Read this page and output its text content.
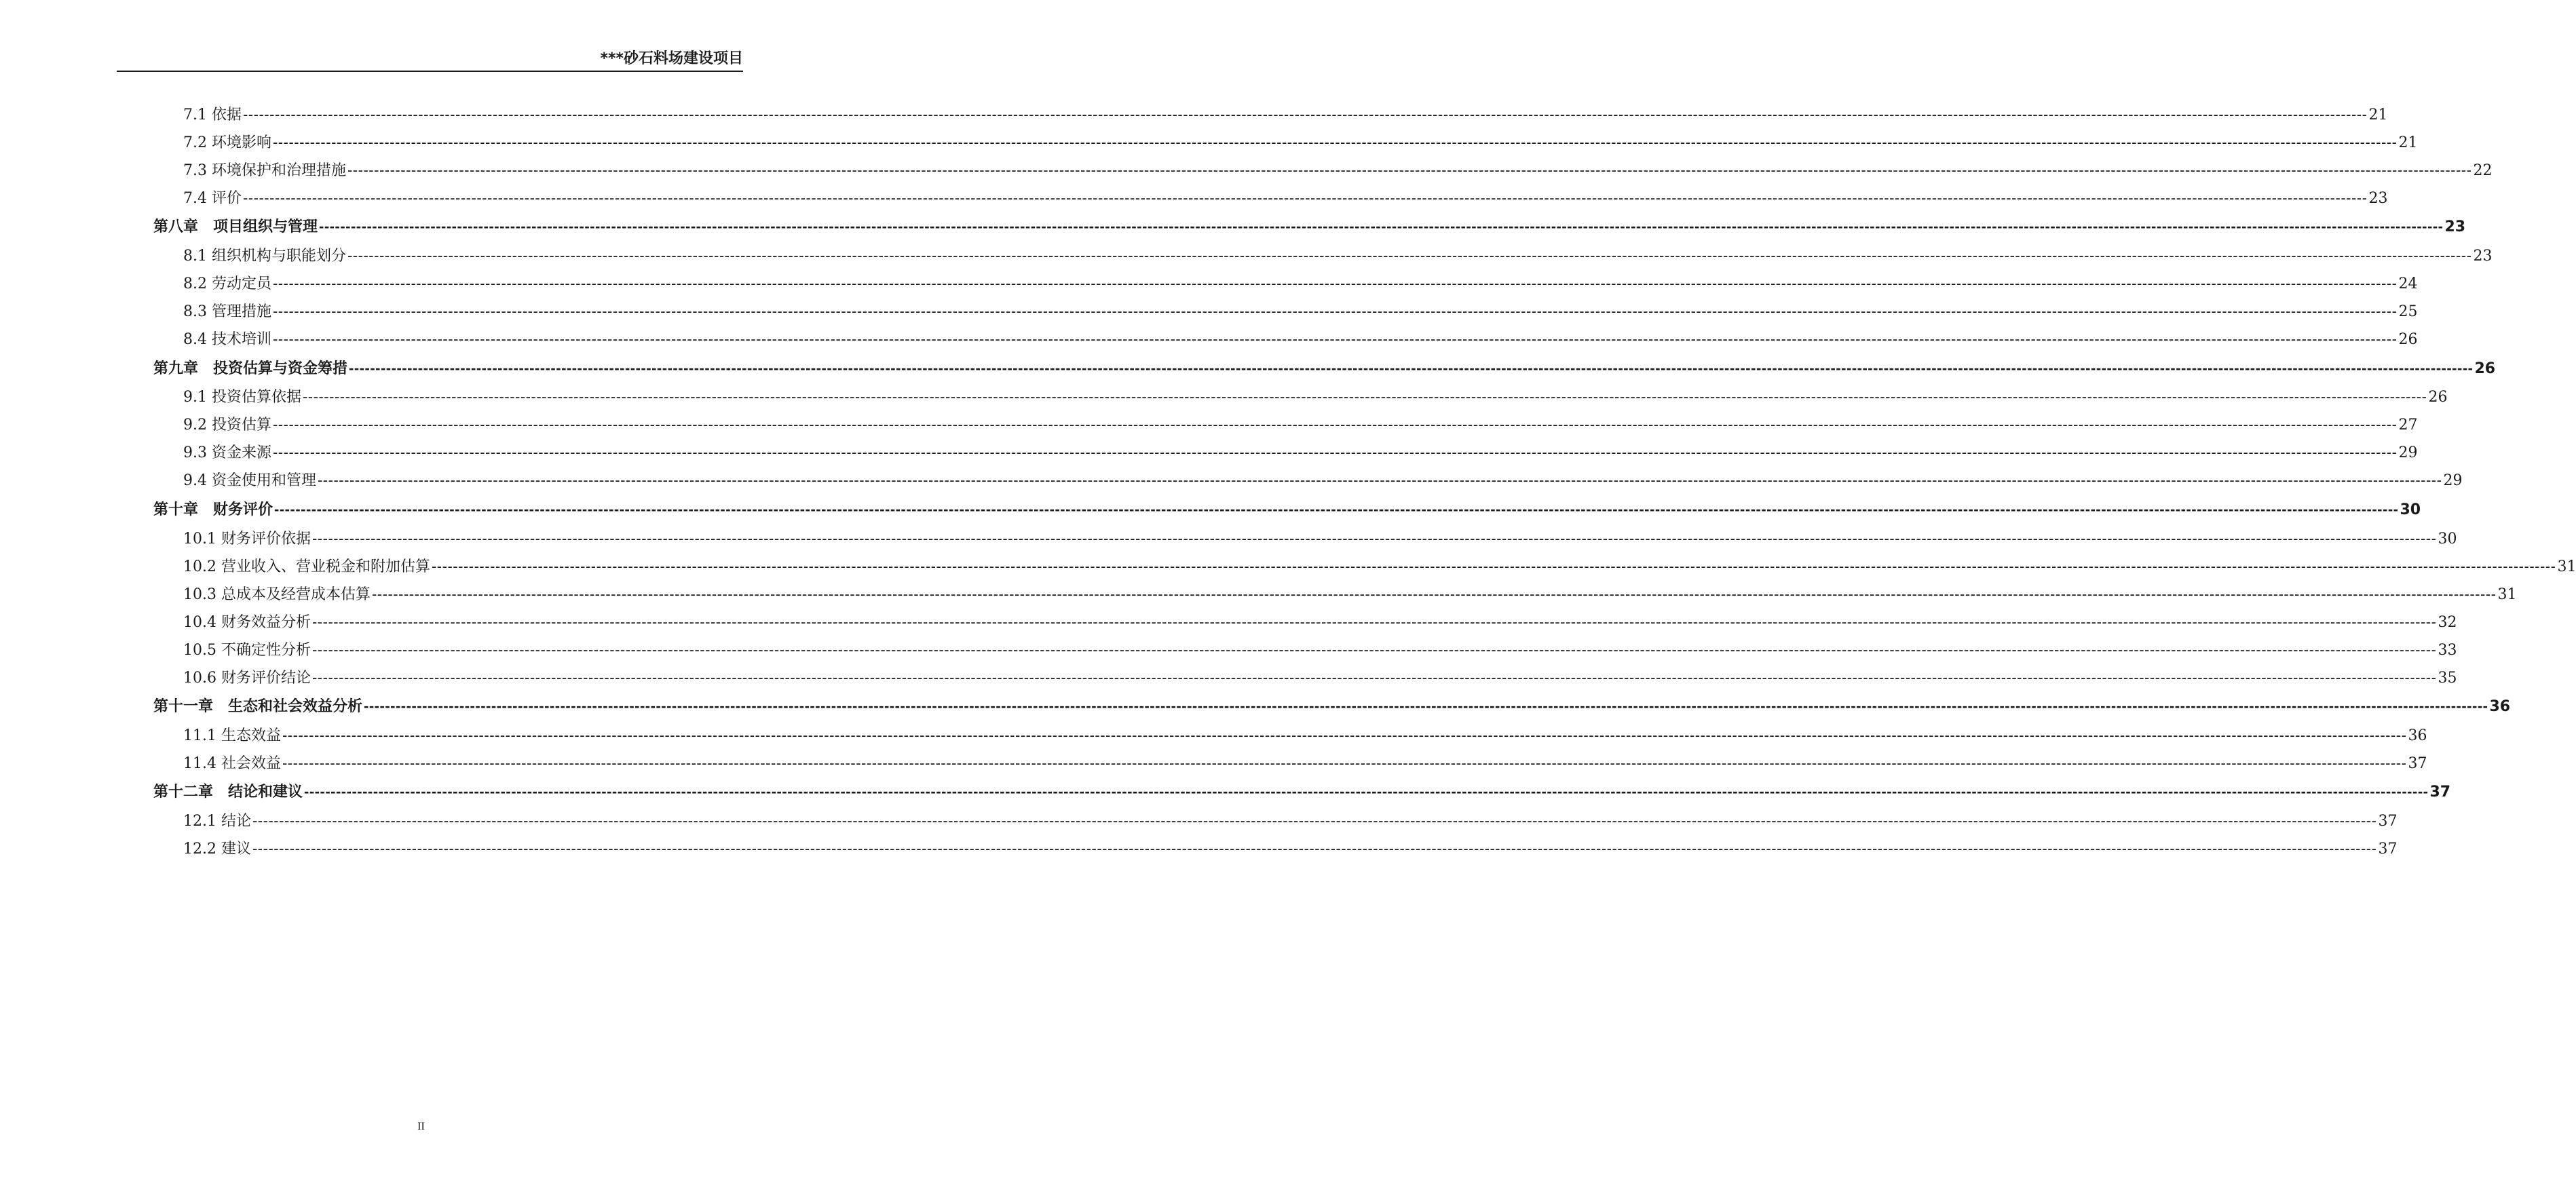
***砂石料场建设项目
7.1 依据 ---------------------------------------------------------------------------------------------------------------------------------------------------------------------------------------------------------------------------------------------------------------------------------------------------------------------------------------------------------------------------------------------------------------- 21
7.2 环境影响 ---------------------------------------------------------------------------------------------------------------------------------------------------------------------------------------------------------------------------------------------------------------------------------------------------------------------------------------------------------------------------------------------------------------- 21
7.3 环境保护和治理措施 ---------------------------------------------------------------------------------------------------------------------------------------------------------------------------------------------------------------------------------------------------------------------------------------------------------------------------------------------------------------------------------------------------------------- 22
7.4 评价 ---------------------------------------------------------------------------------------------------------------------------------------------------------------------------------------------------------------------------------------------------------------------------------------------------------------------------------------------------------------------------------------------------------------- 23
第八章　项目组织与管理 ---------------------------------------------------------------------------------------------------------------------------------------------------------------------------------------------------------------------------------------------------------------------------------------------------------------------------------------------------------------------------------------------------------------- 23
8.1 组织机构与职能划分 ---------------------------------------------------------------------------------------------------------------------------------------------------------------------------------------------------------------------------------------------------------------------------------------------------------------------------------------------------------------------------------------------------------------- 23
8.2 劳动定员 ---------------------------------------------------------------------------------------------------------------------------------------------------------------------------------------------------------------------------------------------------------------------------------------------------------------------------------------------------------------------------------------------------------------- 24
8.3 管理措施 ---------------------------------------------------------------------------------------------------------------------------------------------------------------------------------------------------------------------------------------------------------------------------------------------------------------------------------------------------------------------------------------------------------------- 25
8.4 技术培训 ---------------------------------------------------------------------------------------------------------------------------------------------------------------------------------------------------------------------------------------------------------------------------------------------------------------------------------------------------------------------------------------------------------------- 26
第九章　投资估算与资金筹措 ---------------------------------------------------------------------------------------------------------------------------------------------------------------------------------------------------------------------------------------------------------------------------------------------------------------------------------------------------------------------------------------------------------------- 26
9.1 投资估算依据 ---------------------------------------------------------------------------------------------------------------------------------------------------------------------------------------------------------------------------------------------------------------------------------------------------------------------------------------------------------------------------------------------------------------- 26
9.2 投资估算 ---------------------------------------------------------------------------------------------------------------------------------------------------------------------------------------------------------------------------------------------------------------------------------------------------------------------------------------------------------------------------------------------------------------- 27
9.3 资金来源 ---------------------------------------------------------------------------------------------------------------------------------------------------------------------------------------------------------------------------------------------------------------------------------------------------------------------------------------------------------------------------------------------------------------- 29
9.4 资金使用和管理 ---------------------------------------------------------------------------------------------------------------------------------------------------------------------------------------------------------------------------------------------------------------------------------------------------------------------------------------------------------------------------------------------------------------- 29
第十章　财务评价 ---------------------------------------------------------------------------------------------------------------------------------------------------------------------------------------------------------------------------------------------------------------------------------------------------------------------------------------------------------------------------------------------------------------- 30
10.1 财务评价依据 ---------------------------------------------------------------------------------------------------------------------------------------------------------------------------------------------------------------------------------------------------------------------------------------------------------------------------------------------------------------------------------------------------------------- 30
10.2 营业收入、营业税金和附加估算 ---------------------------------------------------------------------------------------------------------------------------------------------------------------------------------------------------------------------------------------------------------------------------------------------------------------------------------------------------------------------------------------------------------------- 31
10.3 总成本及经营成本估算 ---------------------------------------------------------------------------------------------------------------------------------------------------------------------------------------------------------------------------------------------------------------------------------------------------------------------------------------------------------------------------------------------------------------- 31
10.4 财务效益分析 ---------------------------------------------------------------------------------------------------------------------------------------------------------------------------------------------------------------------------------------------------------------------------------------------------------------------------------------------------------------------------------------------------------------- 32
10.5 不确定性分析 ---------------------------------------------------------------------------------------------------------------------------------------------------------------------------------------------------------------------------------------------------------------------------------------------------------------------------------------------------------------------------------------------------------------- 33
10.6 财务评价结论 ---------------------------------------------------------------------------------------------------------------------------------------------------------------------------------------------------------------------------------------------------------------------------------------------------------------------------------------------------------------------------------------------------------------- 35
第十一章　生态和社会效益分析 ---------------------------------------------------------------------------------------------------------------------------------------------------------------------------------------------------------------------------------------------------------------------------------------------------------------------------------------------------------------------------------------------------------------- 36
11.1 生态效益 ---------------------------------------------------------------------------------------------------------------------------------------------------------------------------------------------------------------------------------------------------------------------------------------------------------------------------------------------------------------------------------------------------------------- 36
11.4 社会效益 ---------------------------------------------------------------------------------------------------------------------------------------------------------------------------------------------------------------------------------------------------------------------------------------------------------------------------------------------------------------------------------------------------------------- 37
第十二章　结论和建议 ---------------------------------------------------------------------------------------------------------------------------------------------------------------------------------------------------------------------------------------------------------------------------------------------------------------------------------------------------------------------------------------------------------------- 37
12.1 结论 ---------------------------------------------------------------------------------------------------------------------------------------------------------------------------------------------------------------------------------------------------------------------------------------------------------------------------------------------------------------------------------------------------------------- 37
12.2 建议 ---------------------------------------------------------------------------------------------------------------------------------------------------------------------------------------------------------------------------------------------------------------------------------------------------------------------------------------------------------------------------------------------------------------- 37
II
